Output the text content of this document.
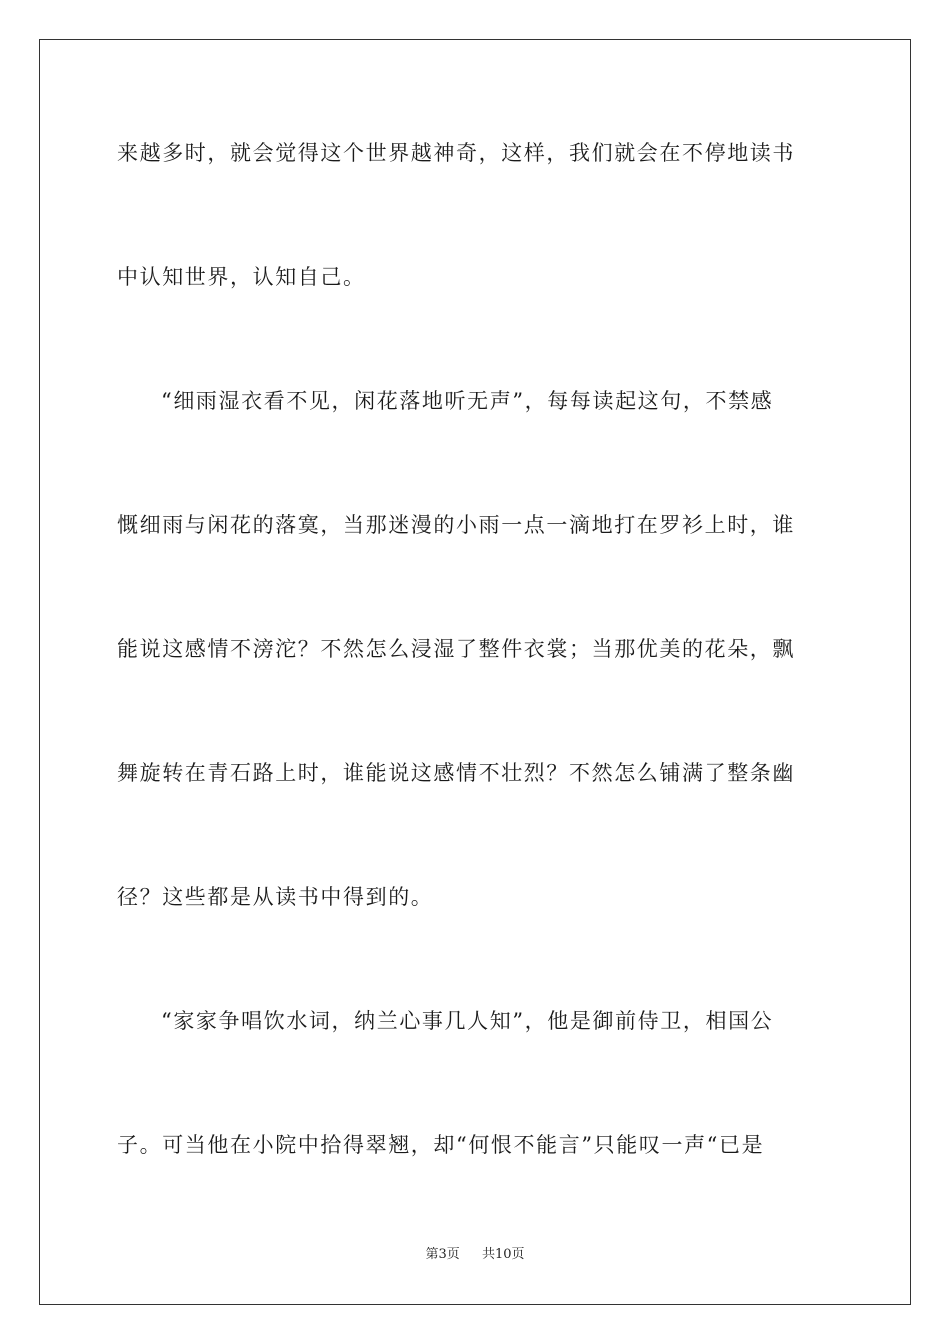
来越多时，就会觉得这个世界越神奇，这样，我们就会在不停地读书
中认知世界，认知自己。
“细雨湿衣看不见，闲花落地听无声”，每每读起这句，不禁感
慨细雨与闲花的落寞，当那迷漫的小雨一点一滴地打在罗衫上时，谁
能说这感情不滂沱？不然怎么浸湿了整件衣裳；当那优美的花朵，飘
舞旋转在青石路上时，谁能说这感情不壮烈？不然怎么铺满了整条幽
径？这些都是从读书中得到的。
“家家争唱饮水词，纳兰心事几人知”，他是御前侍卫，相国公
子。可当他在小院中拾得翠翘，却“何恨不能言”只能叹一声“已是
第3页 共10页
